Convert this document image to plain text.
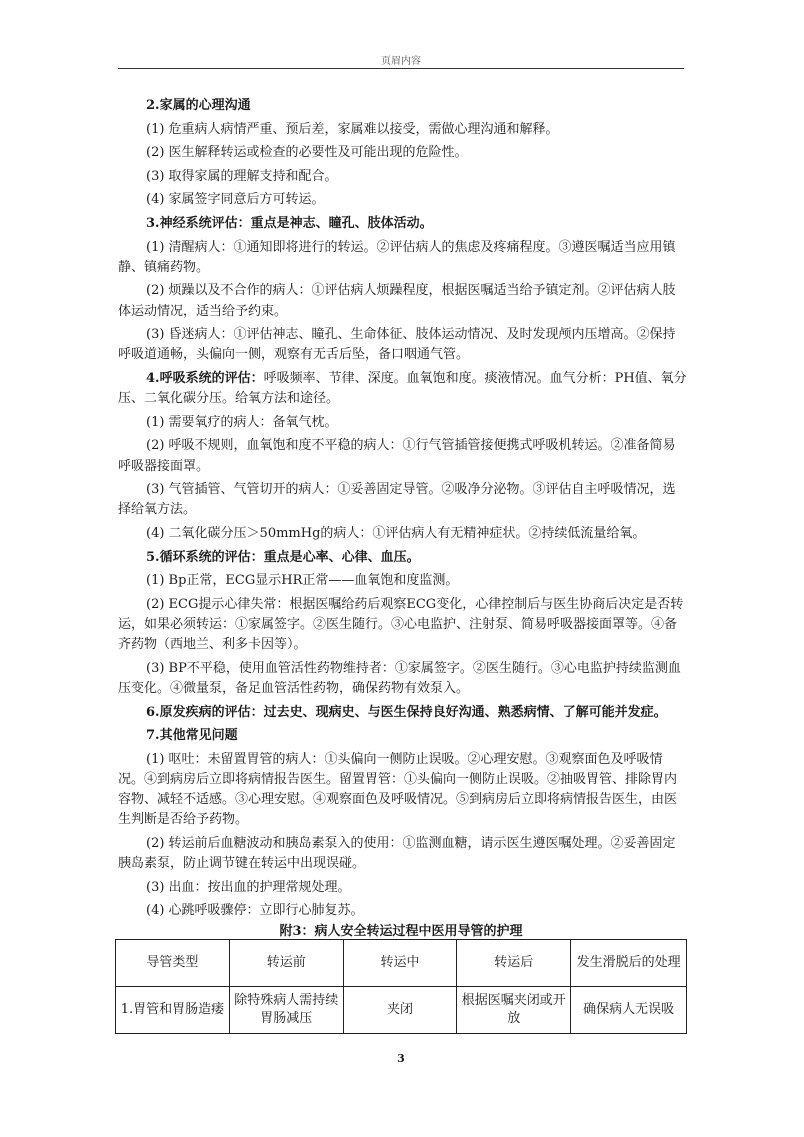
页眉内容

2.家属的心理沟通

(1) 危重病人病情严重、预后差，家属难以接受，需做心理沟通和解释。

(2) 医生解释转运或检查的必要性及可能出现的危险性。

(3) 取得家属的理解支持和配合。

(4) 家属签字同意后方可转运。

3.神经系统评估：重点是神志、瞳孔、肢体活动。

(1) 清醒病人：①通知即将进行的转运。②评估病人的焦虑及疼痛程度。③遵医嘱适当应用镇静、镇痛药物。

(2) 烦躁以及不合作的病人：①评估病人烦躁程度，根据医嘱适当给予镇定剂。②评估病人肢体运动情况，适当给予约束。

(3) 昏迷病人：①评估神志、瞳孔、生命体征、肢体运动情况、及时发现颅内压增高。②保持呼吸道通畅，头偏向一侧，观察有无舌后坠，备口咽通气管。

4.呼吸系统的评估：呼吸频率、节律、深度。血氧饱和度。痰液情况。血气分析：PH值、氧分压、二氧化碳分压。给氧方法和途径。

(1) 需要氧疗的病人：备氧气枕。

(2) 呼吸不规则，血氧饱和度不平稳的病人：①行气管插管接便携式呼吸机转运。②准备简易呼吸器接面罩。

(3) 气管插管、气管切开的病人：①妥善固定导管。②吸净分泌物。③评估自主呼吸情况，选择给氧方法。

(4) 二氧化碳分压＞50mmHg的病人：①评估病人有无精神症状。②持续低流量给氧。

5.循环系统的评估：重点是心率、心律、血压。

(1) Bp正常，ECG显示HR正常——血氧饱和度监测。

(2) ECG提示心律失常：根据医嘱给药后观察ECG变化，心律控制后与医生协商后决定是否转运，如果必须转运：①家属签字。②医生随行。③心电监护、注射泵、简易呼吸器接面罩等。④备齐药物（西地兰、利多卡因等）。

(3) BP不平稳，使用血管活性药物维持者：①家属签字。②医生随行。③心电监护持续监测血压变化。④微量泵，备足血管活性药物，确保药物有效泵入。

6.原发疾病的评估：过去史、现病史、与医生保持良好沟通、熟悉病情、了解可能并发症。

7.其他常见问题

(1) 呕吐：未留置胃管的病人：①头偏向一侧防止误吸。②心理安慰。③观察面色及呼吸情况。④到病房后立即将病情报告医生。留置胃管：①头偏向一侧防止误吸。②抽吸胃管、排除胃内容物、减轻不适感。③心理安慰。④观察面色及呼吸情况。⑤到病房后立即将病情报告医生，由医生判断是否给予药物。

(2) 转运前后血糖波动和胰岛素泵入的使用：①监测血糖，请示医生遵医嘱处理。②妥善固定胰岛素泵，防止调节键在转运中出现误碰。

(3) 出血：按出血的护理常规处理。

(4) 心跳呼吸骤停：立即行心肺复苏。

附3：病人安全转运过程中医用导管的护理
导管类型	转运前	转运中	转运后	发生滑脱后的处理
1.胃管和胃肠造瘘	除特殊病人需持续胃肠减压	夹闭	根据医嘱夹闭或开放	确保病人无误吸
3
